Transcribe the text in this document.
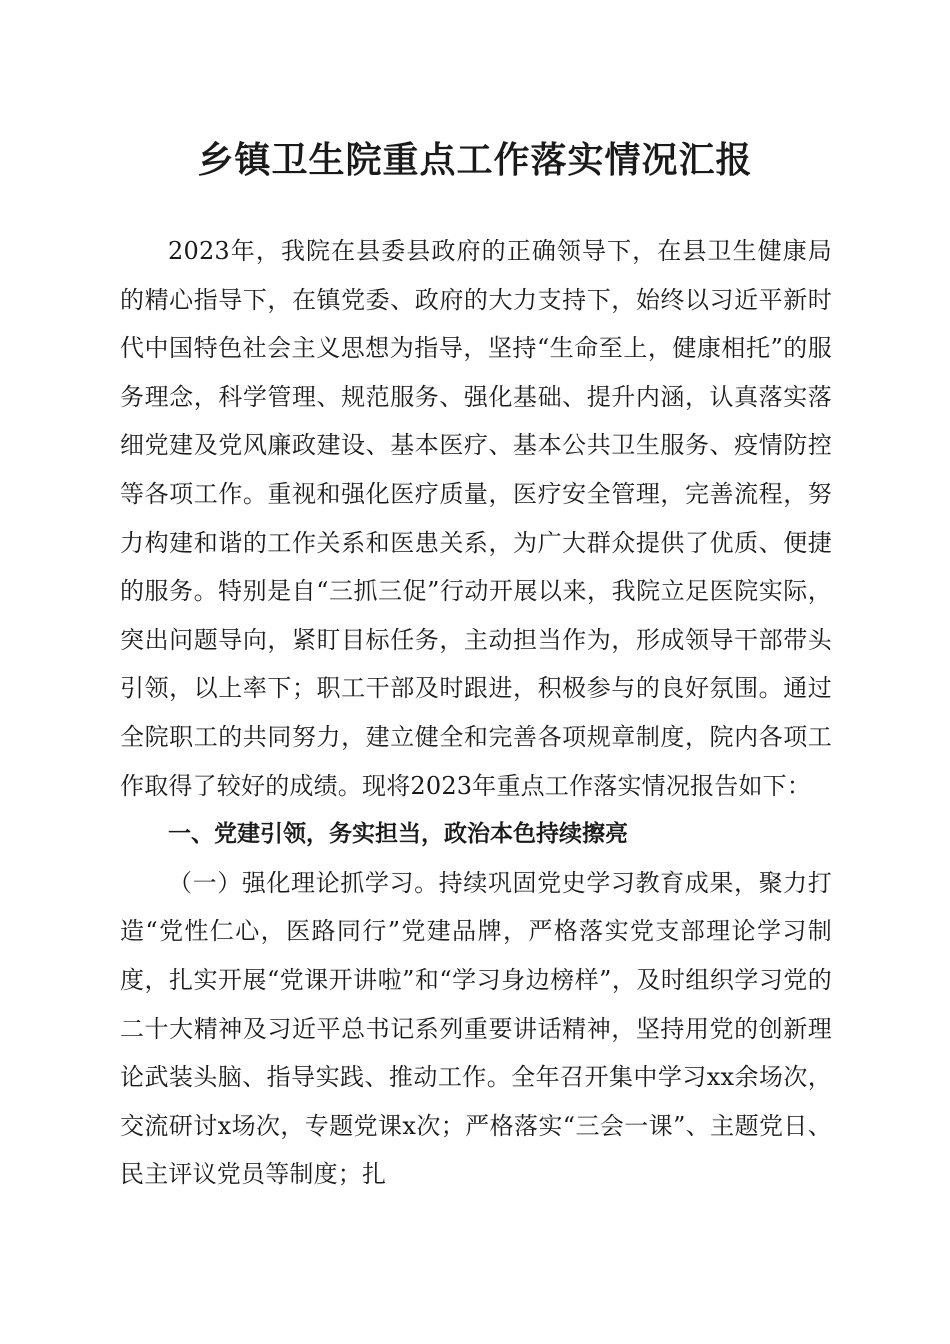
乡镇卫生院重点工作落实情况汇报

2023年，我院在县委县政府的正确领导下，在县卫生健康局的精心指导下，在镇党委、政府的大力支持下，始终以习近平新时代中国特色社会主义思想为指导，坚持“生命至上，健康相托”的服务理念，科学管理、规范服务、强化基础、提升内涵，认真落实落细党建及党风廉政建设、基本医疗、基本公共卫生服务、疫情防控等各项工作。重视和强化医疗质量，医疗安全管理，完善流程，努力构建和谐的工作关系和医患关系，为广大群众提供了优质、便捷的服务。特别是自“三抓三促”行动开展以来，我院立足医院实际，突出问题导向，紧盯目标任务，主动担当作为，形成领导干部带头引领，以上率下；职工干部及时跟进，积极参与的良好氛围。通过全院职工的共同努力，建立健全和完善各项规章制度，院内各项工作取得了较好的成绩。现将2023年重点工作落实情况报告如下：

一、党建引领，务实担当，政治本色持续擦亮

（一）强化理论抓学习。持续巩固党史学习教育成果，聚力打造“党性仁心，医路同行”党建品牌，严格落实党支部理论学习制度，扎实开展“党课开讲啦”和“学习身边榜样”，及时组织学习党的二十大精神及习近平总书记系列重要讲话精神，坚持用党的创新理论武装头脑、指导实践、推动工作。全年召开集中学习xx余场次，交流研讨x场次，专题党课x次；严格落实“三会一课”、主题党日、民主评议党员等制度；扎
